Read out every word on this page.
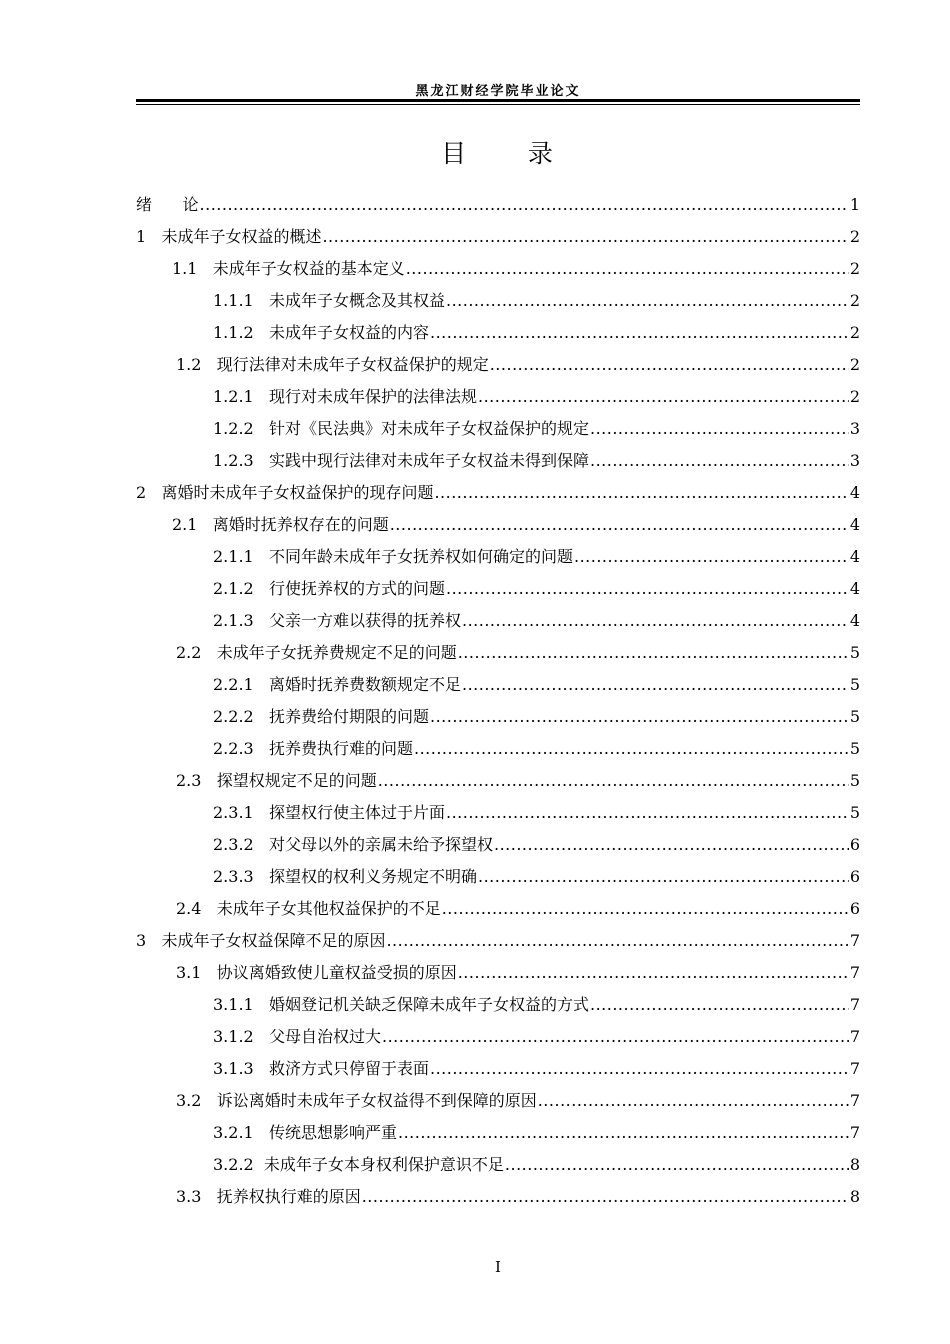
黑龙江财经学院毕业论文
目      录
绪      论 .....	1
1   未成年子女权益的概述 .....	2
1.1   未成年子女权益的基本定义 .....	2
1.1.1   未成年子女概念及其权益 .....	2
1.1.2   未成年子女权益的内容 .....	2
1.2   现行法律对未成年子女权益保护的规定 .....	2
1.2.1   现行对未成年保护的法律法规 .....	2
1.2.2   针对《民法典》对未成年子女权益保护的规定 .....	3
1.2.3   实践中现行法律对未成年子女权益未得到保障 .....	3
2   离婚时未成年子女权益保护的现存问题 .....	4
2.1   离婚时抚养权存在的问题 .....	4
2.1.1   不同年龄未成年子女抚养权如何确定的问题 .....	4
2.1.2   行使抚养权的方式的问题 .....	4
2.1.3   父亲一方难以获得的抚养权 .....	4
2.2   未成年子女抚养费规定不足的问题 .....	5
2.2.1   离婚时抚养费数额规定不足 .....	5
2.2.2   抚养费给付期限的问题 .....	5
2.2.3   抚养费执行难的问题 .....	5
2.3   探望权规定不足的问题 .....	5
2.3.1   探望权行使主体过于片面 .....	5
2.3.2   对父母以外的亲属未给予探望权 .....	6
2.3.3   探望权的权利义务规定不明确 .....	6
2.4   未成年子女其他权益保护的不足 .....	6
3   未成年子女权益保障不足的原因 .....	7
3.1   协议离婚致使儿童权益受损的原因 .....	7
3.1.1   婚姻登记机关缺乏保障未成年子女权益的方式 .....	7
3.1.2   父母自治权过大 .....	7
3.1.3   救济方式只停留于表面 .....	7
3.2   诉讼离婚时未成年子女权益得不到保障的原因 .....	7
3.2.1   传统思想影响严重 .....	7
3.2.2  未成年子女本身权利保护意识不足 .....	8
3.3   抚养权执行难的原因 .....	8
I
